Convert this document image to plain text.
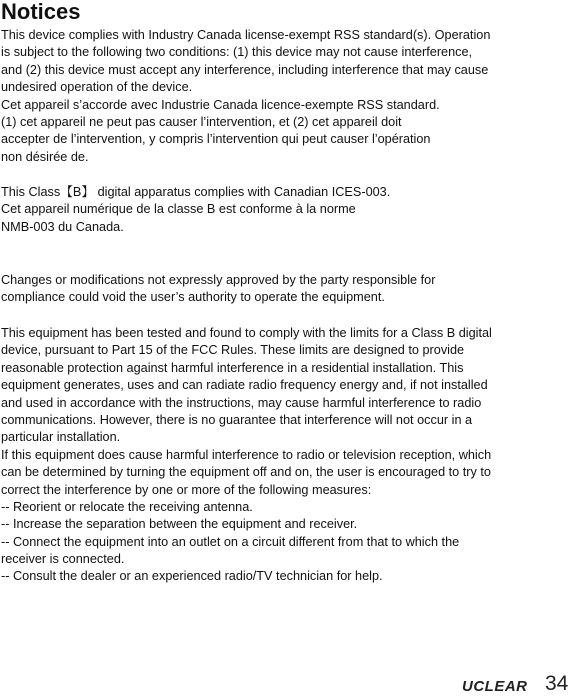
Notices
This device complies with Industry Canada license-exempt RSS standard(s). Operation
is subject to the following two conditions: (1) this device may not cause interference,
and (2) this device must accept any interference, including interference that may cause
undesired operation of the device.
Cet appareil s’accorde avec Industrie Canada licence-exempte RSS standard.
(1) cet appareil ne peut pas causer l’intervention, et (2) cet appareil doit
accepter de l’intervention, y compris l’intervention qui peut causer l’opération
non désirée de.
This Class【B】 digital apparatus complies with Canadian ICES-003.
Cet appareil numérique de la classe B est conforme à la norme
NMB-003 du Canada.
Changes or modifications not expressly approved by the party responsible for
compliance could void the user’s authority to operate the equipment.
This equipment has been tested and found to comply with the limits for a Class B digital
device, pursuant to Part 15 of the FCC Rules. These limits are designed to provide
reasonable protection against harmful interference in a residential installation. This
equipment generates, uses and can radiate radio frequency energy and, if not installed
and used in accordance with the instructions, may cause harmful interference to radio
communications. However, there is no guarantee that interference will not occur in a
particular installation.
If this equipment does cause harmful interference to radio or television reception, which
can be determined by turning the equipment off and on, the user is encouraged to try to
correct the interference by one or more of the following measures:
-- Reorient or relocate the receiving antenna.
-- Increase the separation between the equipment and receiver.
-- Connect the equipment into an outlet on a circuit different from that to which the
receiver is connected.
-- Consult the dealer or an experienced radio/TV technician for help.
UCLEAR 34
